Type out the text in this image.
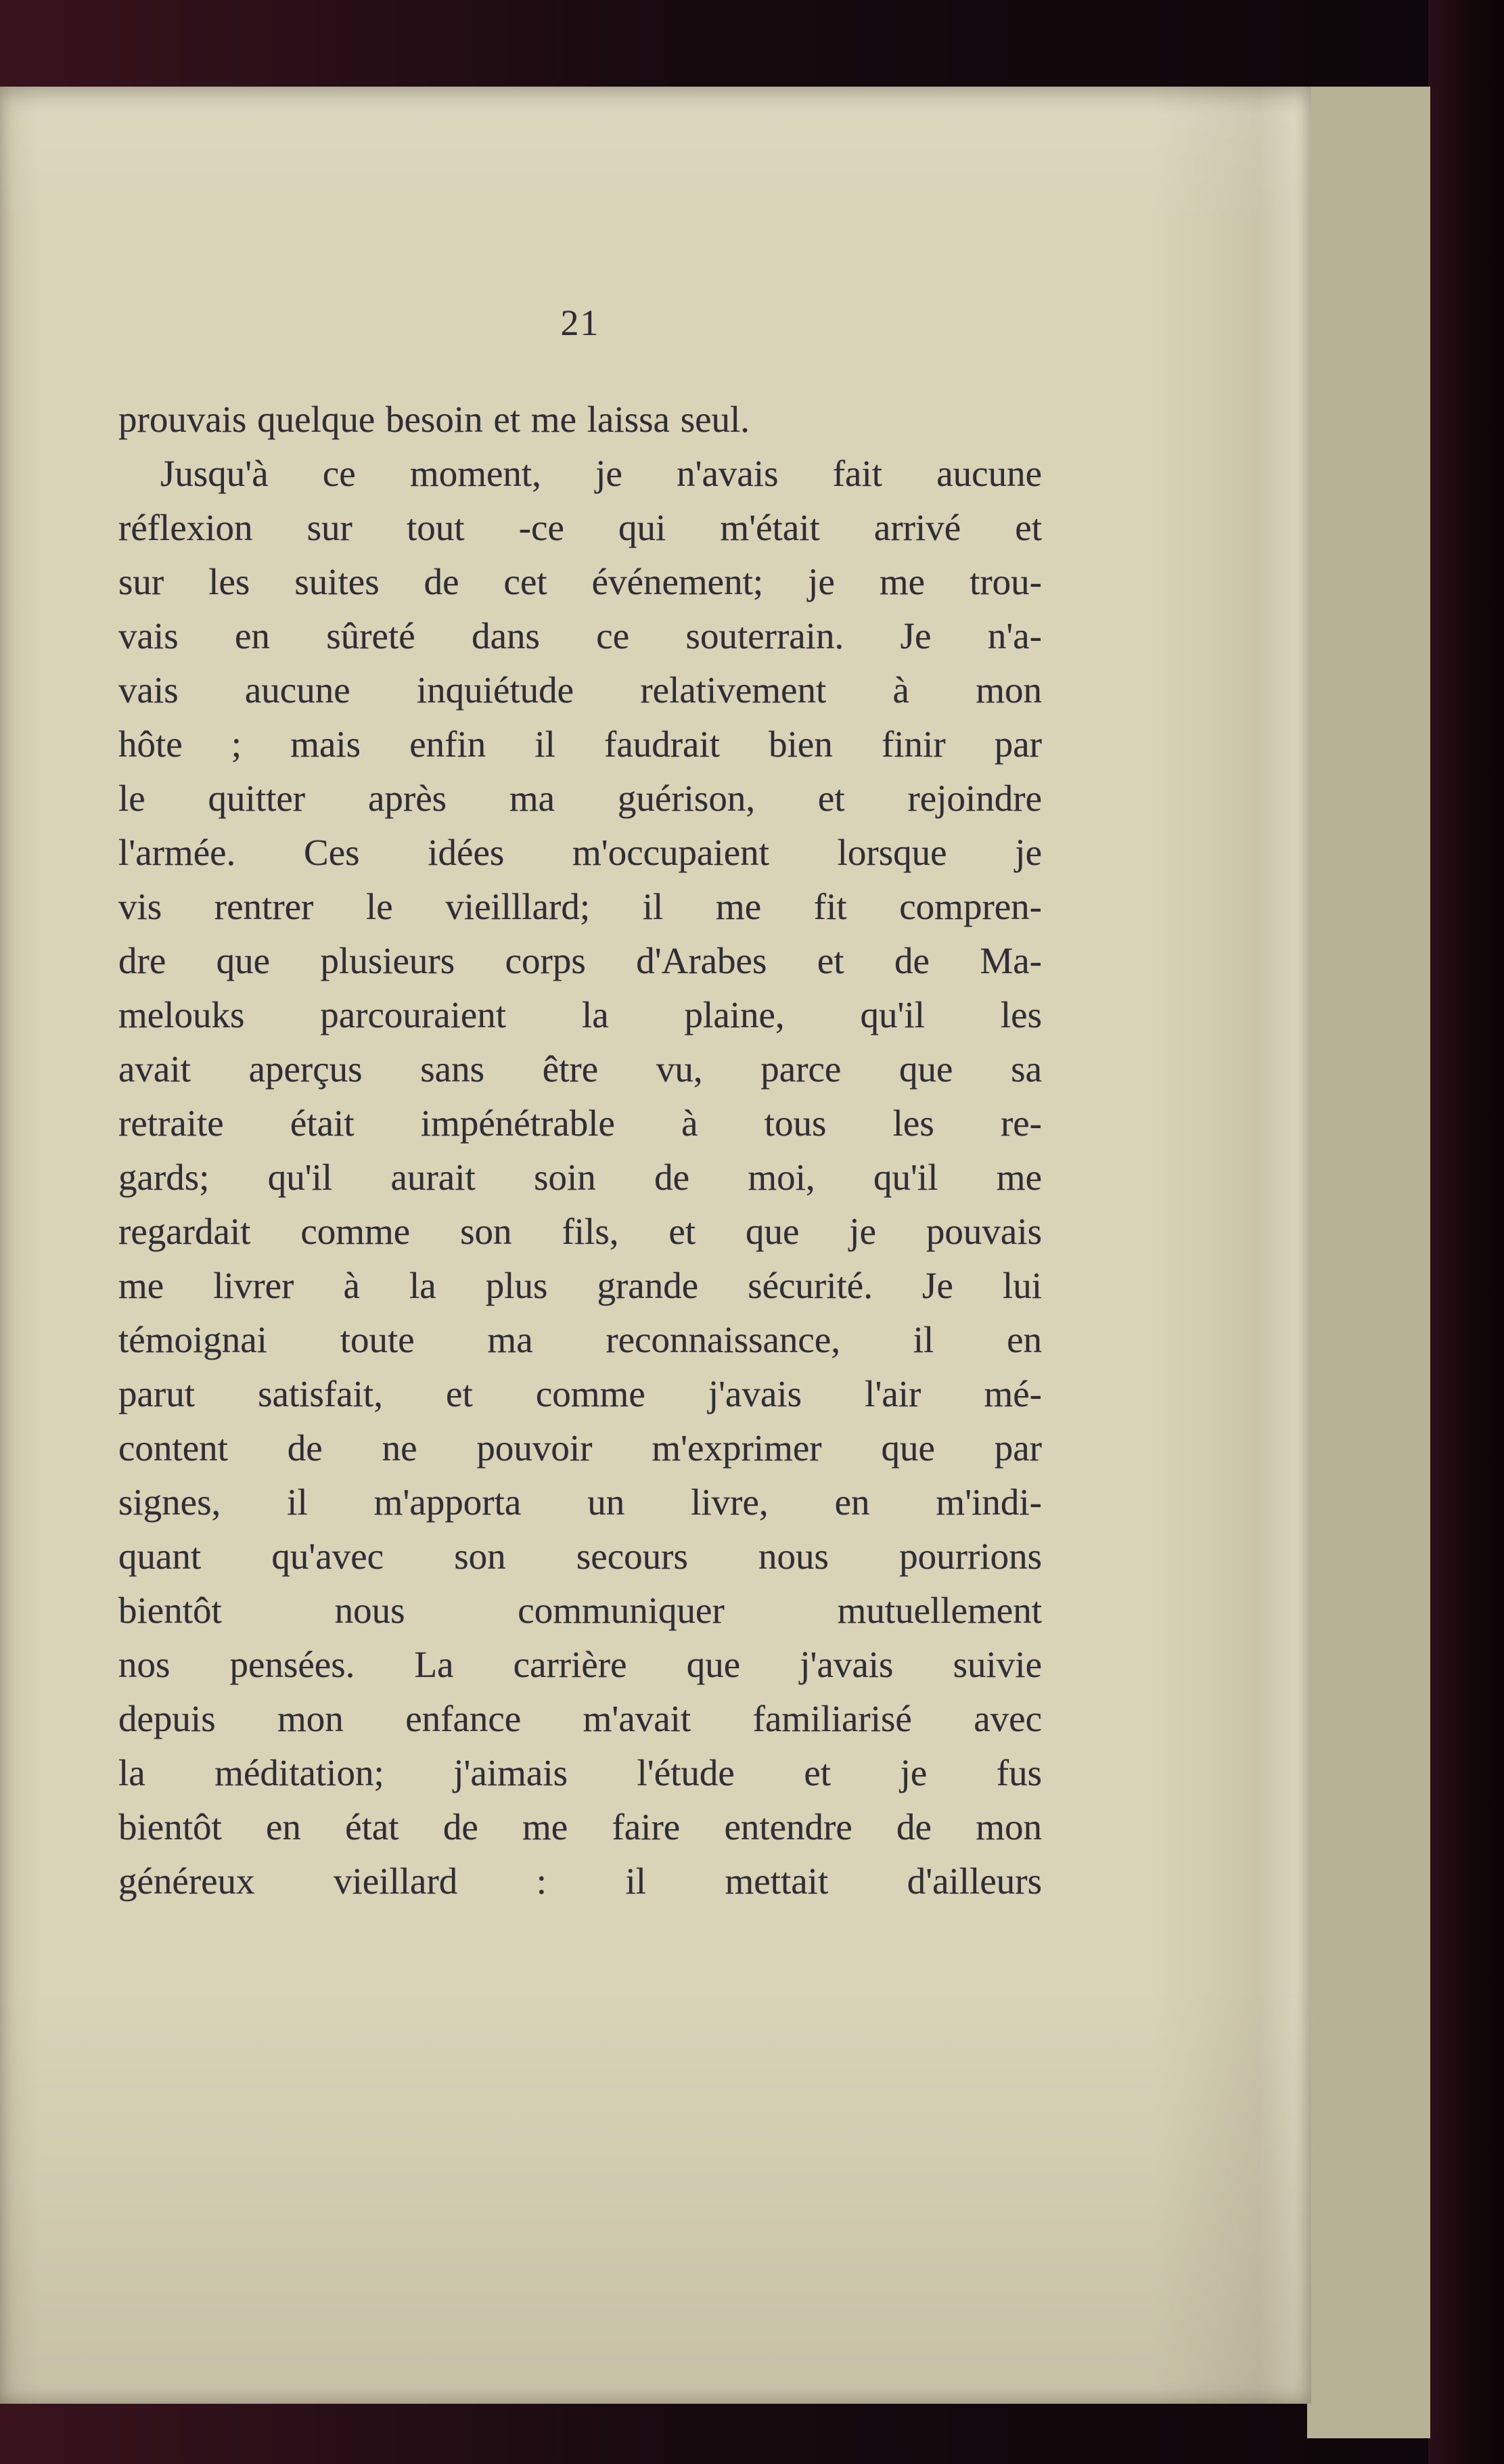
21
prouvais quelque besoin et me laissa seul.
Jusqu'à ce moment, je n'avais fait aucune
réflexion sur tout -ce qui m'était arrivé et
sur les suites de cet événement; je me trou-
vais en sûreté dans ce souterrain. Je n'a-
vais aucune inquiétude relativement à mon
hôte ; mais enfin il faudrait bien finir par
le quitter après ma guérison, et rejoindre
l'armée. Ces idées m'occupaient lorsque je
vis rentrer le vieilllard; il me fit compren-
dre que plusieurs corps d'Arabes et de Ma-
melouks parcouraient la plaine, qu'il les
avait aperçus sans être vu, parce que sa
retraite était impénétrable à tous les re-
gards; qu'il aurait soin de moi, qu'il me
regardait comme son fils, et que je pouvais
me livrer à la plus grande sécurité. Je lui
témoignai toute ma reconnaissance, il en
parut satisfait, et comme j'avais l'air mé-
content de ne pouvoir m'exprimer que par
signes, il m'apporta un livre, en m'indi-
quant qu'avec son secours nous pourrions
bientôt nous communiquer mutuellement
nos pensées. La carrière que j'avais suivie
depuis mon enfance m'avait familiarisé avec
la méditation; j'aimais l'étude et je fus
bientôt en état de me faire entendre de mon
généreux vieillard : il mettait d'ailleurs
